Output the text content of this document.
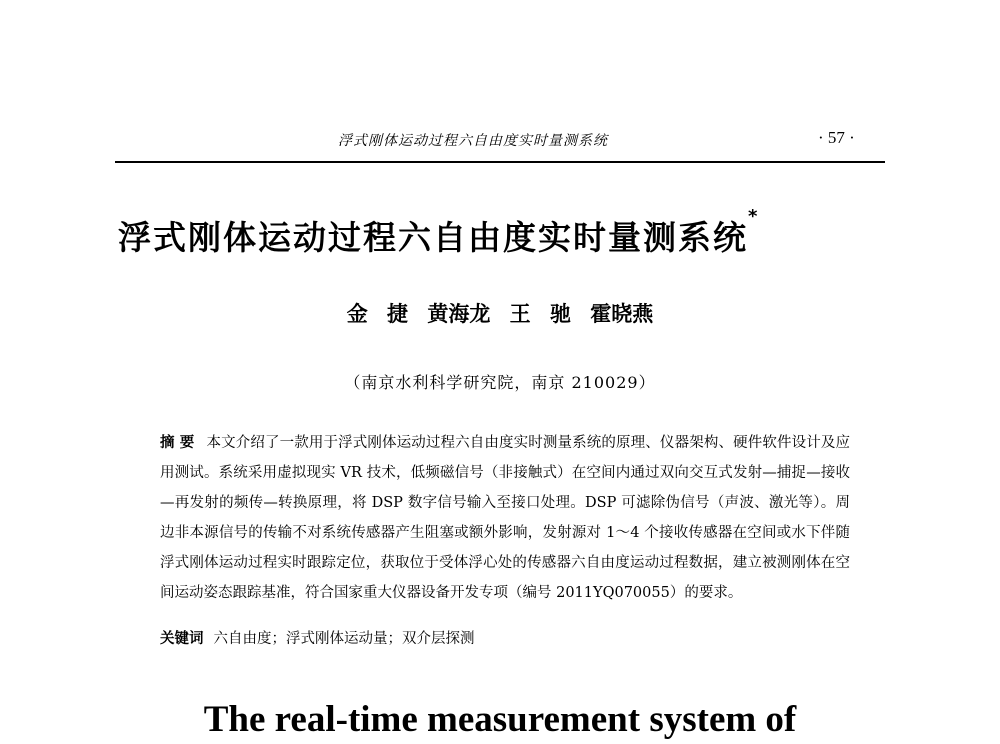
浮式刚体运动过程六自由度实时量测系统	· 57 ·
浮式刚体运动过程六自由度实时量测系统*
金 捷 黄海龙 王 驰 霍晓燕
（南京水利科学研究院，南京 210029）
摘 要 本文介绍了一款用于浮式刚体运动过程六自由度实时测量系统的原理、仪器架构、硬件软件设计及应用测试。系统采用虚拟现实 VR 技术，低频磁信号（非接触式）在空间内通过双向交互式发射—捕捉—接收—再发射的频传—转换原理，将 DSP 数字信号输入至接口处理。DSP 可滤除伪信号（声波、激光等）。周边非本源信号的传输不对系统传感器产生阻塞或额外影响，发射源对 1～4 个接收传感器在空间或水下伴随浮式刚体运动过程实时跟踪定位，获取位于受体浮心处的传感器六自由度运动过程数据，建立被测刚体在空间运动姿态跟踪基准，符合国家重大仪器设备开发专项（编号 2011YQ070055）的要求。
关键词 六自由度；浮式刚体运动量；双介层探测
The real-time measurement system of
